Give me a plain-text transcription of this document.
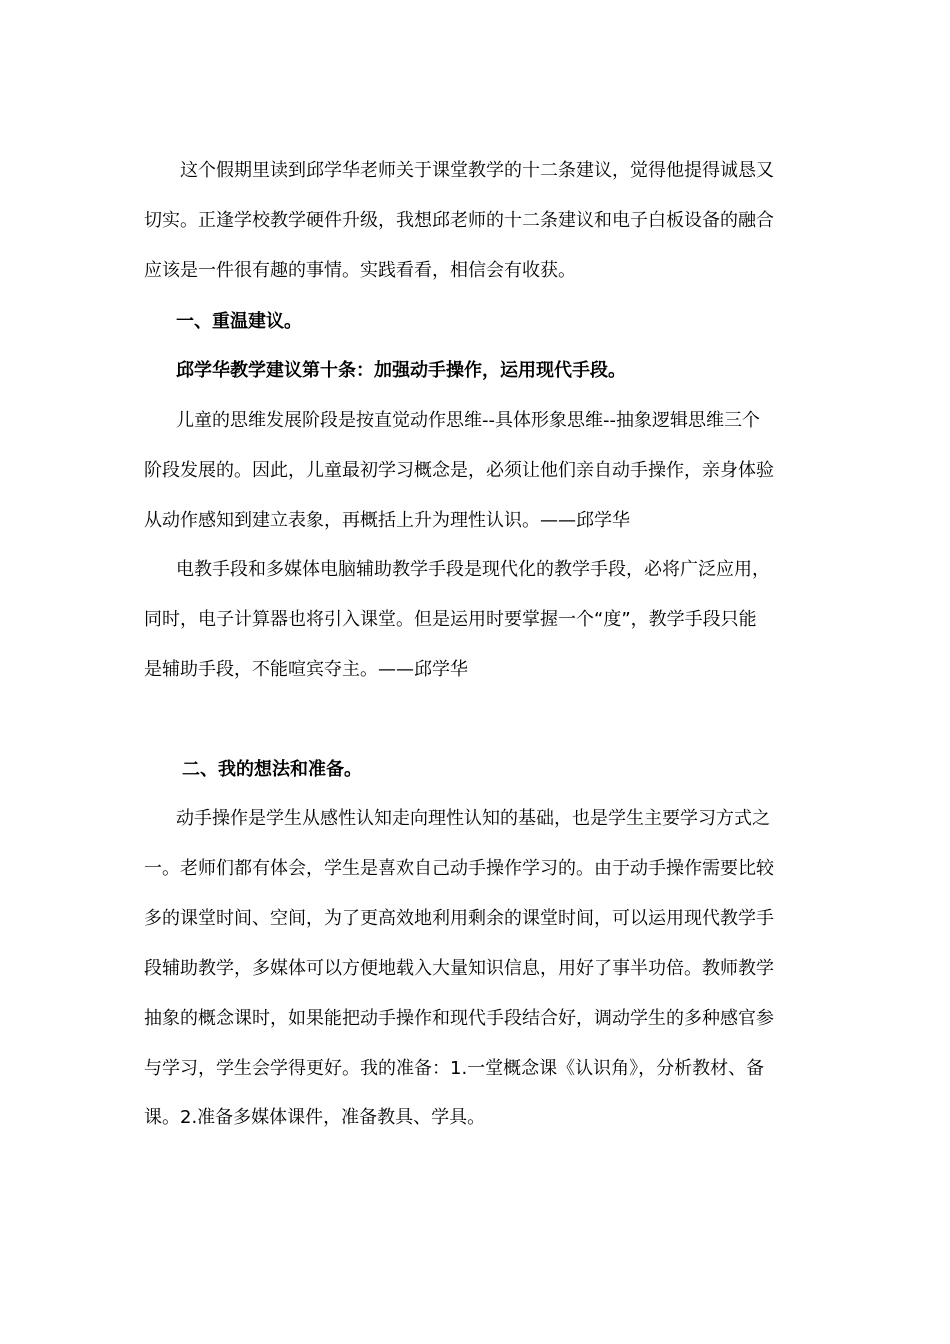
这个假期里读到邱学华老师关于课堂教学的十二条建议，觉得他提得诚恳又
切实。正逢学校教学硬件升级，我想邱老师的十二条建议和电子白板设备的融合
应该是一件很有趣的事情。实践看看，相信会有收获。
一、重温建议。
邱学华教学建议第十条：加强动手操作，运用现代手段。
儿童的思维发展阶段是按直觉动作思维--具体形象思维--抽象逻辑思维三个
阶段发展的。因此，儿童最初学习概念是，必须让他们亲自动手操作，亲身体验
从动作感知到建立表象，再概括上升为理性认识。——邱学华
电教手段和多媒体电脑辅助教学手段是现代化的教学手段，必将广泛应用，
同时，电子计算器也将引入课堂。但是运用时要掌握一个“度”，教学手段只能
是辅助手段，不能喧宾夺主。——邱学华
二、我的想法和准备。
动手操作是学生从感性认知走向理性认知的基础，也是学生主要学习方式之
一。老师们都有体会，学生是喜欢自己动手操作学习的。由于动手操作需要比较
多的课堂时间、空间，为了更高效地利用剩余的课堂时间，可以运用现代教学手
段辅助教学，多媒体可以方便地载入大量知识信息，用好了事半功倍。教师教学
抽象的概念课时，如果能把动手操作和现代手段结合好，调动学生的多种感官参
与学习，学生会学得更好。我的准备：1.一堂概念课《认识角》，分析教材、备
课。2.准备多媒体课件，准备教具、学具。
